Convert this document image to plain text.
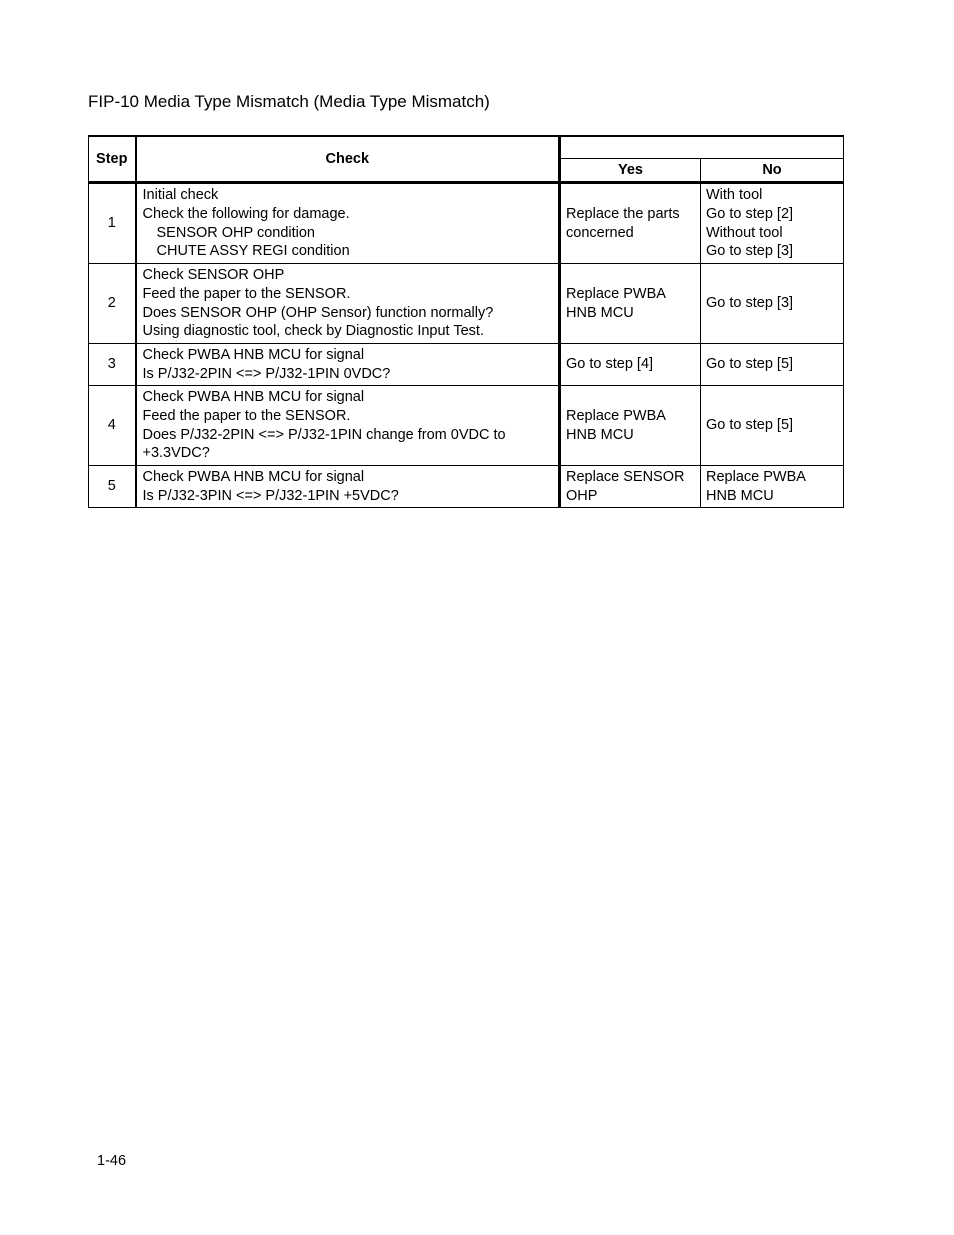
FIP-10 Media Type Mismatch (Media Type Mismatch)
Step	Check		
		Yes	No
1	Initial check
Check the following for damage.
SENSOR OHP condition
CHUTE ASSY REGI condition	Replace the parts
concerned	With tool
Go to step [2]
Without tool
Go to step [3]

2	Check SENSOR OHP
Feed the paper to the SENSOR.
Does SENSOR OHP (OHP Sensor) function normally?
Using diagnostic tool, check by Diagnostic Input Test.	Replace PWBA
HNB MCU	Go to step [3]

3	Check PWBA HNB MCU for signal
Is P/J32-2PIN <=> P/J32-1PIN 0VDC?	Go to step [4]	Go to step [5]

4	Check PWBA HNB MCU for signal
Feed the paper to the SENSOR.
Does P/J32-2PIN <=> P/J32-1PIN change from 0VDC to
+3.3VDC?	Replace PWBA
HNB MCU	Go to step [5]

5	Check PWBA HNB MCU for signal
Is P/J32-3PIN <=> P/J32-1PIN +5VDC?	Replace SENSOR
OHP	Replace PWBA
HNB MCU
1-46
